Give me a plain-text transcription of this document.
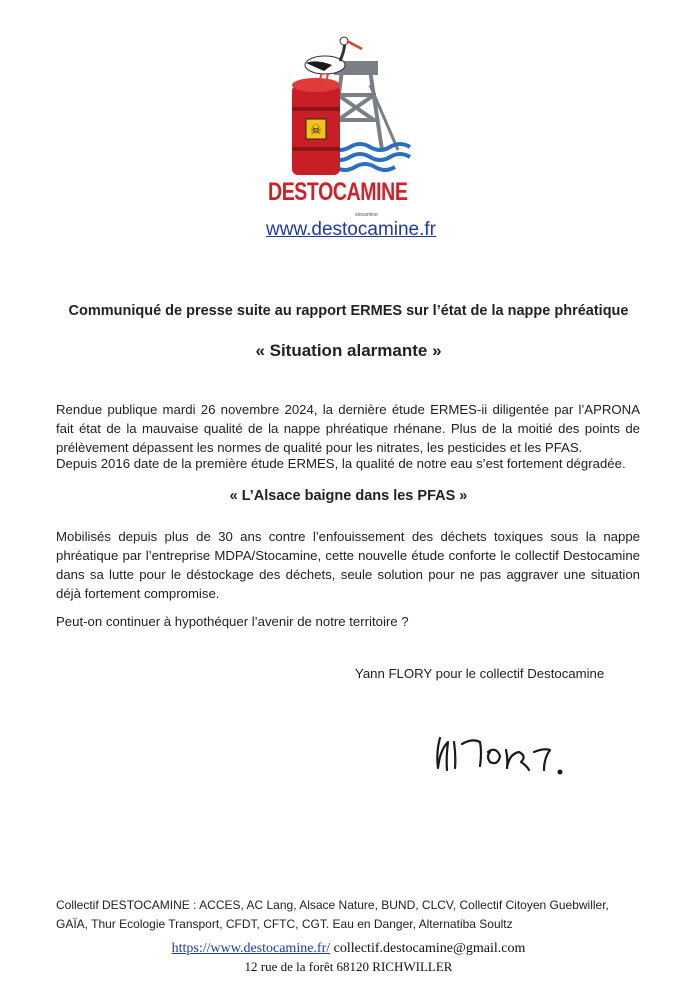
☠
DESTOCAMINE
stocamine
www.destocamine.fr
Communiqué de presse suite au rapport ERMES sur l’état de la nappe phréatique
« Situation alarmante »
Rendue publique mardi 26 novembre 2024, la dernière étude ERMES-ii diligentée par l’APRONA fait état de la mauvaise qualité de la nappe phréatique rhénane. Plus de la moitié des points de prélèvement dépassent les normes de qualité pour les nitrates, les pesticides et les PFAS.
Depuis 2016 date de la première étude ERMES, la qualité de notre eau s’est fortement dégradée.
« L’Alsace baigne dans les PFAS »
Mobilisés depuis plus de 30 ans contre l’enfouissement des déchets toxiques sous la nappe phréatique par l’entreprise MDPA/Stocamine, cette nouvelle étude conforte le collectif Destocamine dans sa lutte pour le déstockage des déchets, seule solution pour ne pas aggraver une situation déjà fortement compromise.
Peut-on continuer à hypothéquer l’avenir de notre territoire ?
Yann FLORY pour le collectif Destocamine
Collectif DESTOCAMINE : ACCES, AC Lang, Alsace Nature, BUND, CLCV, Collectif Citoyen Guebwiller, GAÏA, Thur Ecologie Transport, CFDT, CFTC, CGT. Eau en Danger, Alternatiba Soultz
https://www.destocamine.fr/ collectif.destocamine@gmail.com
12 rue de la forêt 68120 RICHWILLER
